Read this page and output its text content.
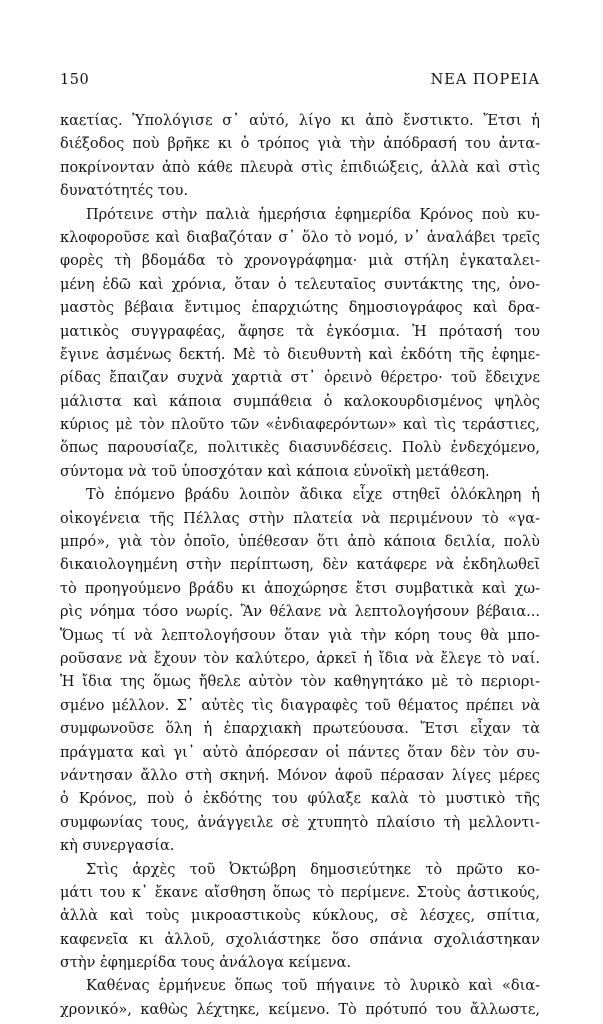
150	ΝΕΑ ΠΟΡΕΙΑ
καετίας. Ὑπολόγισε σ᾽ αὐτό, λίγο κι ἀπὸ ἔνστικτο. Ἔτσι ἡ
διέξοδος ποὺ βρῆκε κι ὁ τρόπος γιὰ τὴν ἀπόδρασή του ἀντα-
ποκρίνονταν ἀπὸ κάθε πλευρὰ στὶς ἐπιδιώξεις, ἀλλὰ καὶ στὶς
δυνατότητές του.
Πρότεινε στὴν παλιὰ ἡμερήσια ἐφημερίδα Κρόνος ποὺ κυ-
κλοφοροῦσε καὶ διαβαζόταν σ᾽ ὅλο τὸ νομό, ν᾽ ἀναλάβει τρεῖς
φορὲς τὴ βδομάδα τὸ χρονογράφημα· μιὰ στήλη ἐγκαταλει-
μένη ἐδῶ καὶ χρόνια, ὅταν ὁ τελευταῖος συντάκτης της, ὀνο-
μαστὸς βέβαια ἔντιμος ἐπαρχιώτης δημοσιογράφος καὶ δρα-
ματικὸς συγγραφέας, ἄφησε τὰ ἐγκόσμια. Ἡ πρότασή του
ἔγινε ἀσμένως δεκτή. Μὲ τὸ διευθυντὴ καὶ ἐκδότη τῆς ἐφημε-
ρίδας ἔπαιζαν συχνὰ χαρτιὰ στ᾽ ὀρεινὸ θέρετρο· τοῦ ἔδειχνε
μάλιστα καὶ κάποια συμπάθεια ὁ καλοκουρδισμένος ψηλὸς
κύριος μὲ τὸν πλοῦτο τῶν «ἐνδιαφερόντων» καὶ τὶς τεράστιες,
ὅπως παρουσίαζε, πολιτικὲς διασυνδέσεις. Πολὺ ἐνδεχόμενο,
σύντομα νὰ τοῦ ὑποσχόταν καὶ κάποια εὐνοϊκὴ μετάθεση.
Τὸ ἑπόμενο βράδυ λοιπὸν ἄδικα εἶχε στηθεῖ ὁλόκληρη ἡ
οἰκογένεια τῆς Πέλλας στὴν πλατεία νὰ περιμένουν τὸ «γα-
μπρό», γιὰ τὸν ὁποῖο, ὑπέθεσαν ὅτι ἀπὸ κάποια δειλία, πολὺ
δικαιολογημένη στὴν περίπτωση, δὲν κατάφερε νὰ ἐκδηλωθεῖ
τὸ προηγούμενο βράδυ κι ἀποχώρησε ἔτσι συμβατικὰ καὶ χω-
ρὶς νόημα τόσο νωρίς. Ἂν θέλανε νὰ λεπτολογήσουν βέβαια...
Ὅμως τί νὰ λεπτολογήσουν ὅταν γιὰ τὴν κόρη τους θὰ μπο-
ροῦσανε νὰ ἔχουν τὸν καλύτερο, ἀρκεῖ ἡ ἴδια νὰ ἔλεγε τὸ ναί.
Ἡ ἴδια της ὅμως ἤθελε αὐτὸν τὸν καθηγητάκο μὲ τὸ περιορι-
σμένο μέλλον. Σ᾽ αὐτὲς τὶς διαγραφὲς τοῦ θέματος πρέπει νὰ
συμφωνοῦσε ὅλη ἡ ἐπαρχιακὴ πρωτεύουσα. Ἔτσι εἶχαν τὰ
πράγματα καὶ γι᾽ αὐτὸ ἀπόρεσαν οἱ πάντες ὅταν δὲν τὸν συ-
νάντησαν ἄλλο στὴ σκηνή. Μόνον ἀφοῦ πέρασαν λίγες μέρες
ὁ Κρόνος, ποὺ ὁ ἐκδότης του φύλαξε καλὰ τὸ μυστικὸ τῆς
συμφωνίας τους, ἀνάγγειλε σὲ χτυπητὸ πλαίσιο τὴ μελλοντι-
κὴ συνεργασία.
Στὶς ἀρχὲς τοῦ Ὀκτώβρη δημοσιεύτηκε τὸ πρῶτο κο-
μάτι του κ᾽ ἔκανε αἴσθηση ὅπως τὸ περίμενε. Στοὺς ἀστικούς,
ἀλλὰ καὶ τοὺς μικροαστικοὺς κύκλους, σὲ λέσχες, σπίτια,
καφενεῖα κι ἀλλοῦ, σχολιάστηκε ὅσο σπάνια σχολιάστηκαν
στὴν ἐφημερίδα τους ἀνάλογα κείμενα.
Καθένας ἑρμήνευε ὅπως τοῦ πήγαινε τὸ λυρικὸ καὶ «δια-
χρονικό», καθὼς λέχτηκε, κείμενο. Τὸ πρότυπό του ἄλλωστε,
